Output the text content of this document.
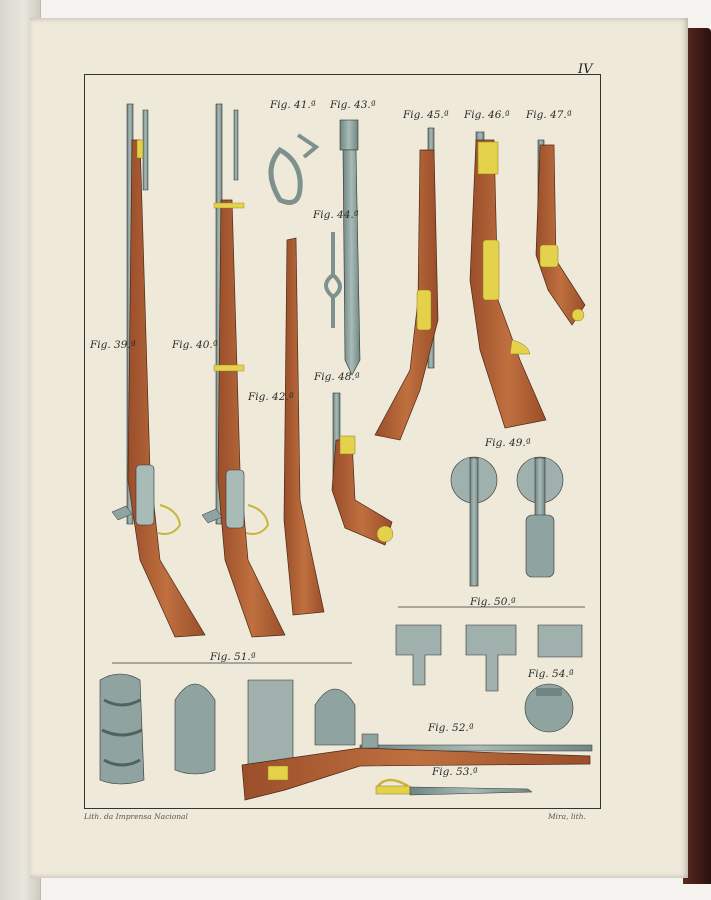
IV
Fig. 41.ª Fig. 43.ª
Fig. 45.ª Fig. 46.ª Fig. 47.ª
Fig. 44.ª
Fig. 39.ª	Fig. 40.ª
Fig. 48.ª
Fig. 42.ª
Fig. 49.ª
Fig. 50.ª
Fig. 51.ª
Fig. 54.ª
Fig. 52.ª
Fig. 53.ª
Lith. da Imprensa Nacional	Mira, lith.
